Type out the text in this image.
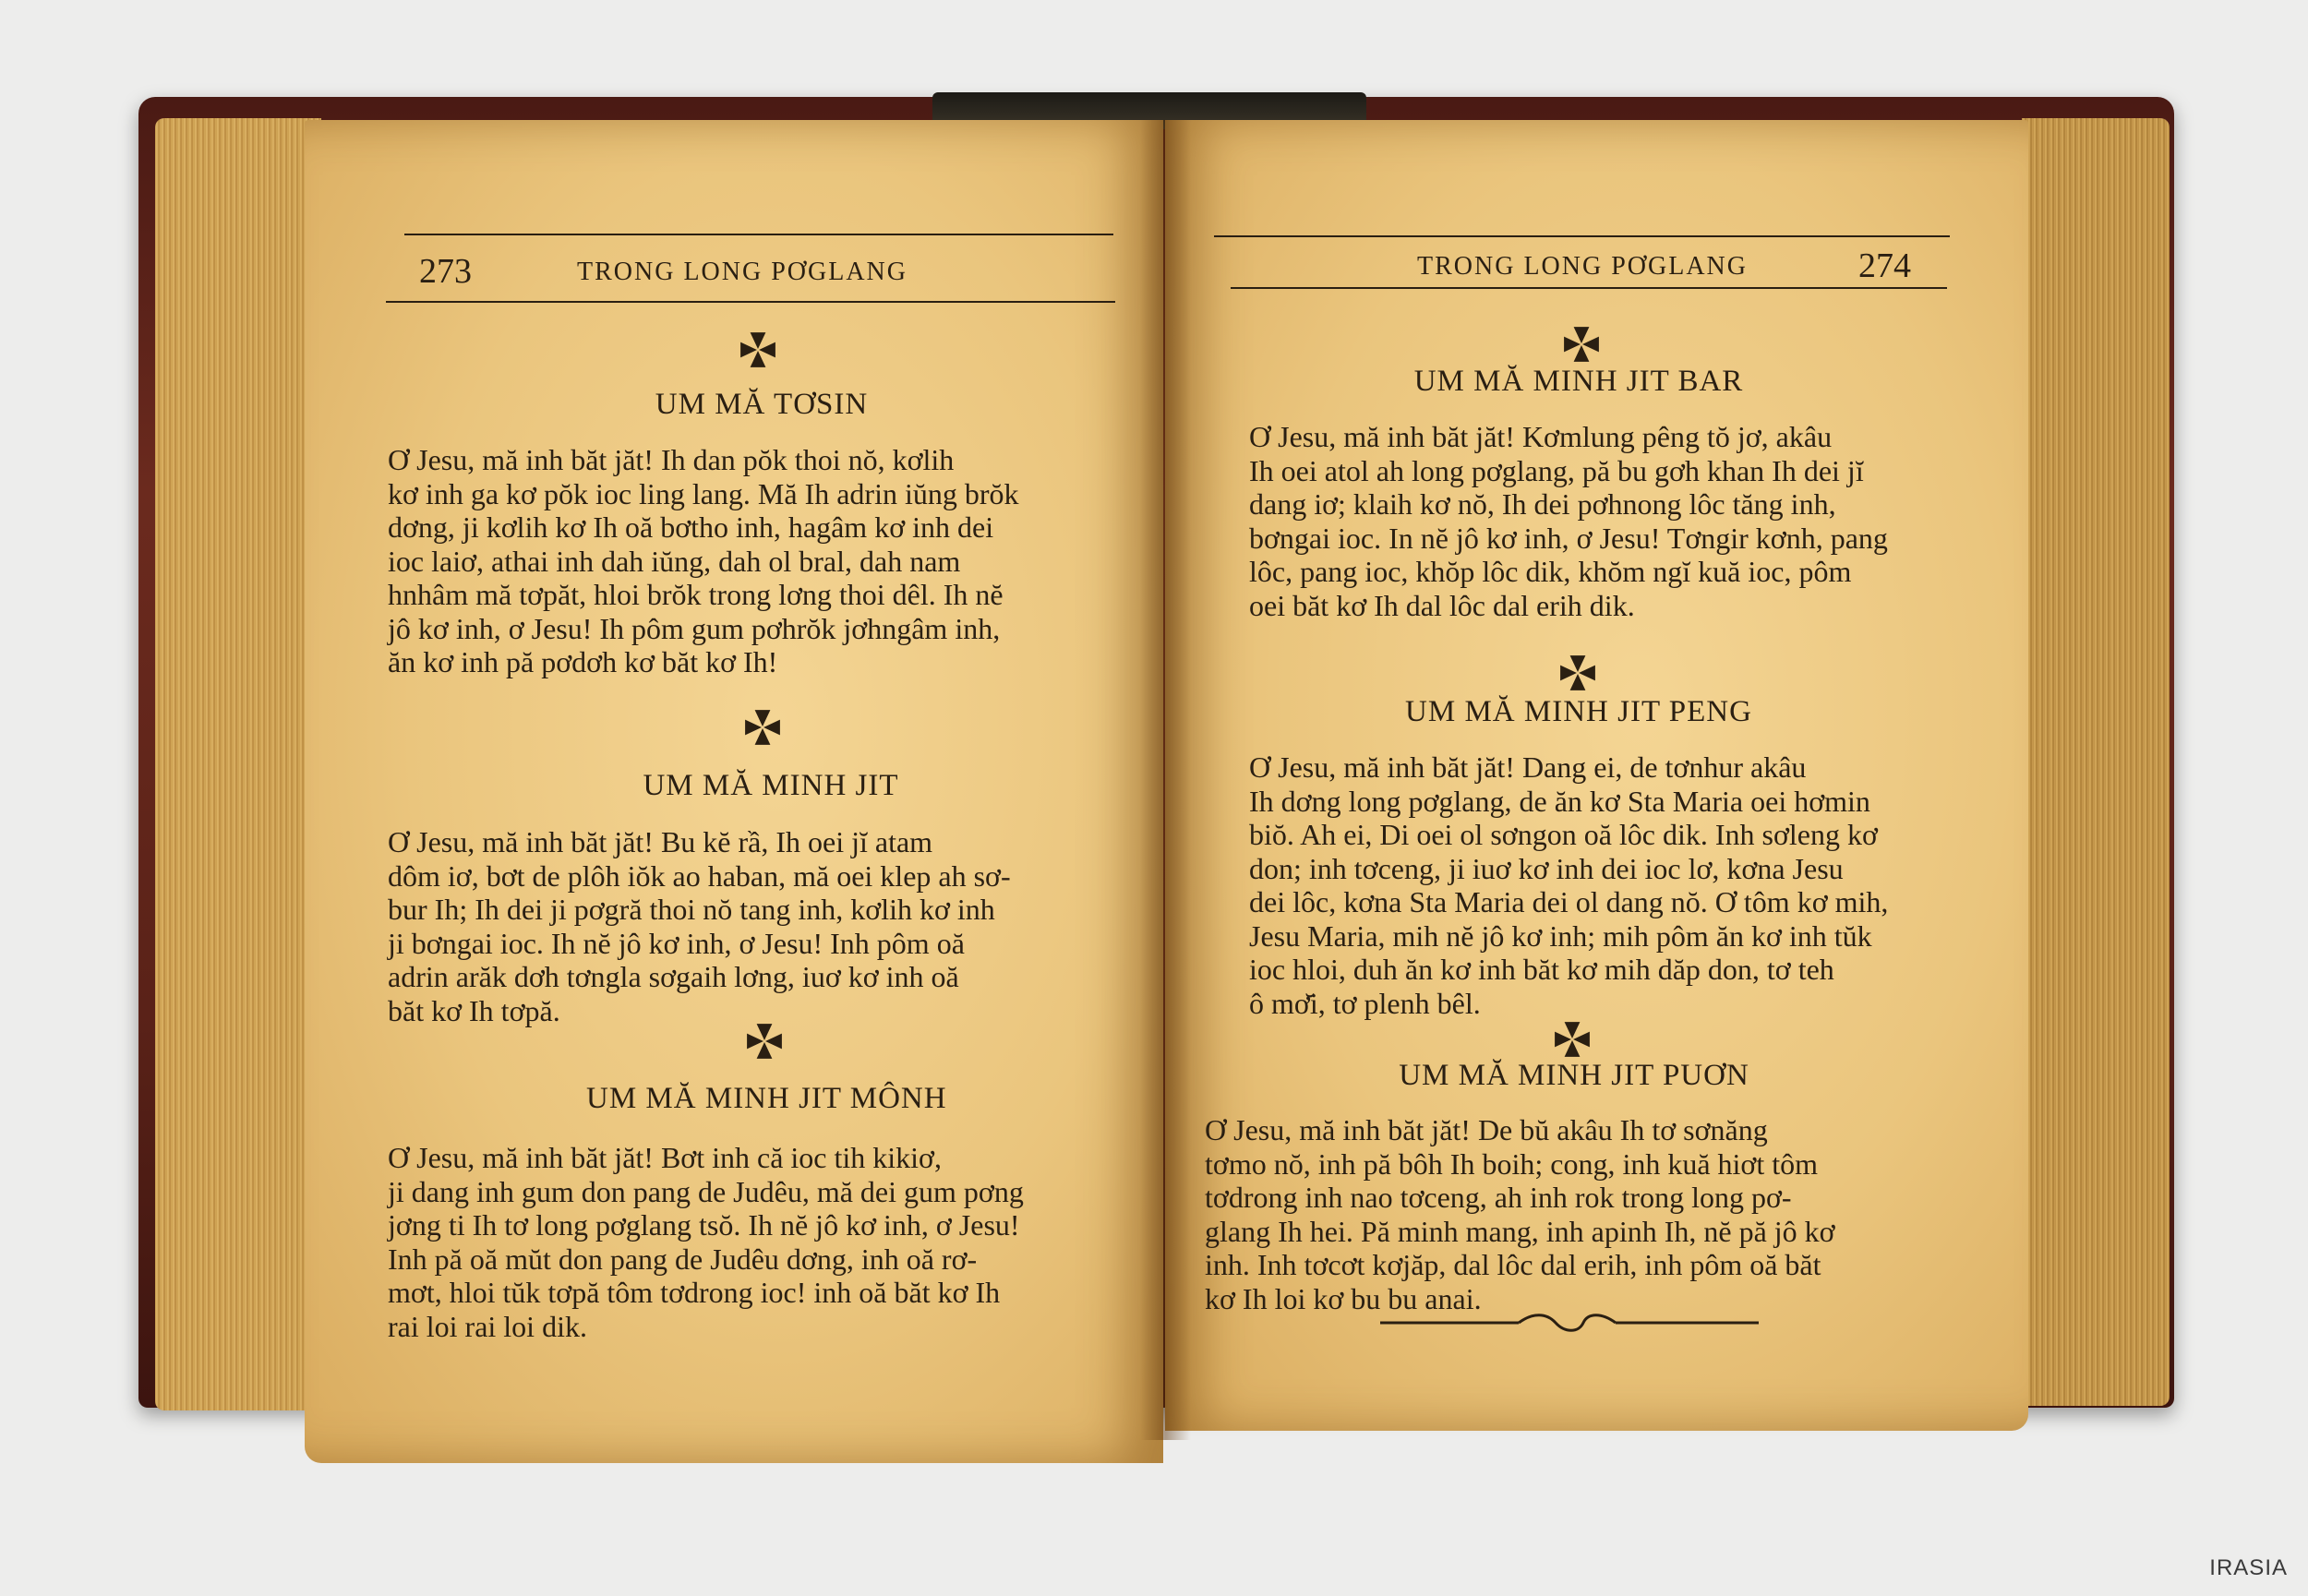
273	TRONG LONG PƠGLANG	TRONG LONG PƠGLANG	274
UM MĂ TƠSIN
Ơ Jesu, mă inh băt jăt! Ih dan pŏk thoi nŏ, kơlih
kơ inh ga kơ pŏk ioc ling lang. Mă Ih adrin iŭng brŏk
dơng, ji kơlih kơ Ih oă bơtho inh, hagâm kơ inh dei
ioc laiơ, athai inh dah iŭng, dah ol bral, dah nam
hnhâm mă tơpăt, hloi brŏk trong lơng thoi dêl. Ih nĕ
jô kơ inh, ơ Jesu! Ih pôm gum pơhrŏk jơhngâm inh,
ăn kơ inh pă pơdơh kơ băt kơ Ih!
UM MĂ MINH JIT
Ơ Jesu, mă inh băt jăt! Bu kĕ rầ, Ih oei jĭ atam
dôm iơ, bơt de plôh iŏk ao haban, mă oei klep ah sơ-
bur Ih; Ih dei ji pơgră thoi nŏ tang inh, kơlih kơ inh
ji bơngai ioc. Ih nĕ jô kơ inh, ơ Jesu! Inh pôm oă
adrin arăk dơh tơngla sơgaih lơng, iuơ kơ inh oă
băt kơ Ih tơpă.
UM MĂ MINH JIT MÔNH
Ơ Jesu, mă inh băt jăt! Bơt inh că ioc tih kikiơ,
ji dang inh gum don pang de Judêu, mă dei gum pơng
jơng ti Ih tơ long pơglang tsŏ. Ih nĕ jô kơ inh, ơ Jesu!
Inh pă oă mŭt don pang de Judêu dơng, inh oă rơ-
mơt, hloi tŭk tơpă tôm tơdrong ioc! inh oă băt kơ Ih
rai loi rai loi dik.
UM MĂ MINH JIT BAR
Ơ Jesu, mă inh băt jăt! Kơmlung pêng tŏ jơ, akâu
Ih oei atol ah long pơglang, pă bu gơh khan Ih dei jĭ
dang iơ; klaih kơ nŏ, Ih dei pơhnong lôc tăng inh,
bơngai ioc. In nĕ jô kơ inh, ơ Jesu! Tơngir kơnh, pang
lôc, pang ioc, khŏp lôc dik, khŏm ngĭ kuă ioc, pôm
oei băt kơ Ih dal lôc dal erih dik.
UM MĂ MINH JIT PENG
Ơ Jesu, mă inh băt jăt! Dang ei, de tơnhur akâu
Ih dơng long pơglang, de ăn kơ Sta Maria oei hơmin
biŏ. Ah ei, Di oei ol sơngon oă lôc dik. Inh sơleng kơ
don; inh tơceng, ji iuơ kơ inh dei ioc lơ, kơna Jesu
dei lôc, kơna Sta Maria dei ol dang nŏ. Ơ tôm kơ mih,
Jesu Maria, mih nĕ jô kơ inh; mih pôm ăn kơ inh tŭk
ioc hloi, duh ăn kơ inh băt kơ mih dăp don, tơ teh
ô mơ̆i, tơ plenh bêl.
UM MĂ MINH JIT PUƠN
Ơ Jesu, mă inh băt jăt! De bŭ akâu Ih tơ sơnăng
tơmo nŏ, inh pă bôh Ih boih; cong, inh kuă hiơt tôm
tơdrong inh nao tơceng, ah inh rok trong long pơ-
glang Ih hei. Pă minh mang, inh apinh Ih, nĕ pă jô kơ
inh. Inh tơcơt kơjăp, dal lôc dal erih, inh pôm oă băt
kơ Ih loi kơ bu bu anai.
IRASIA
